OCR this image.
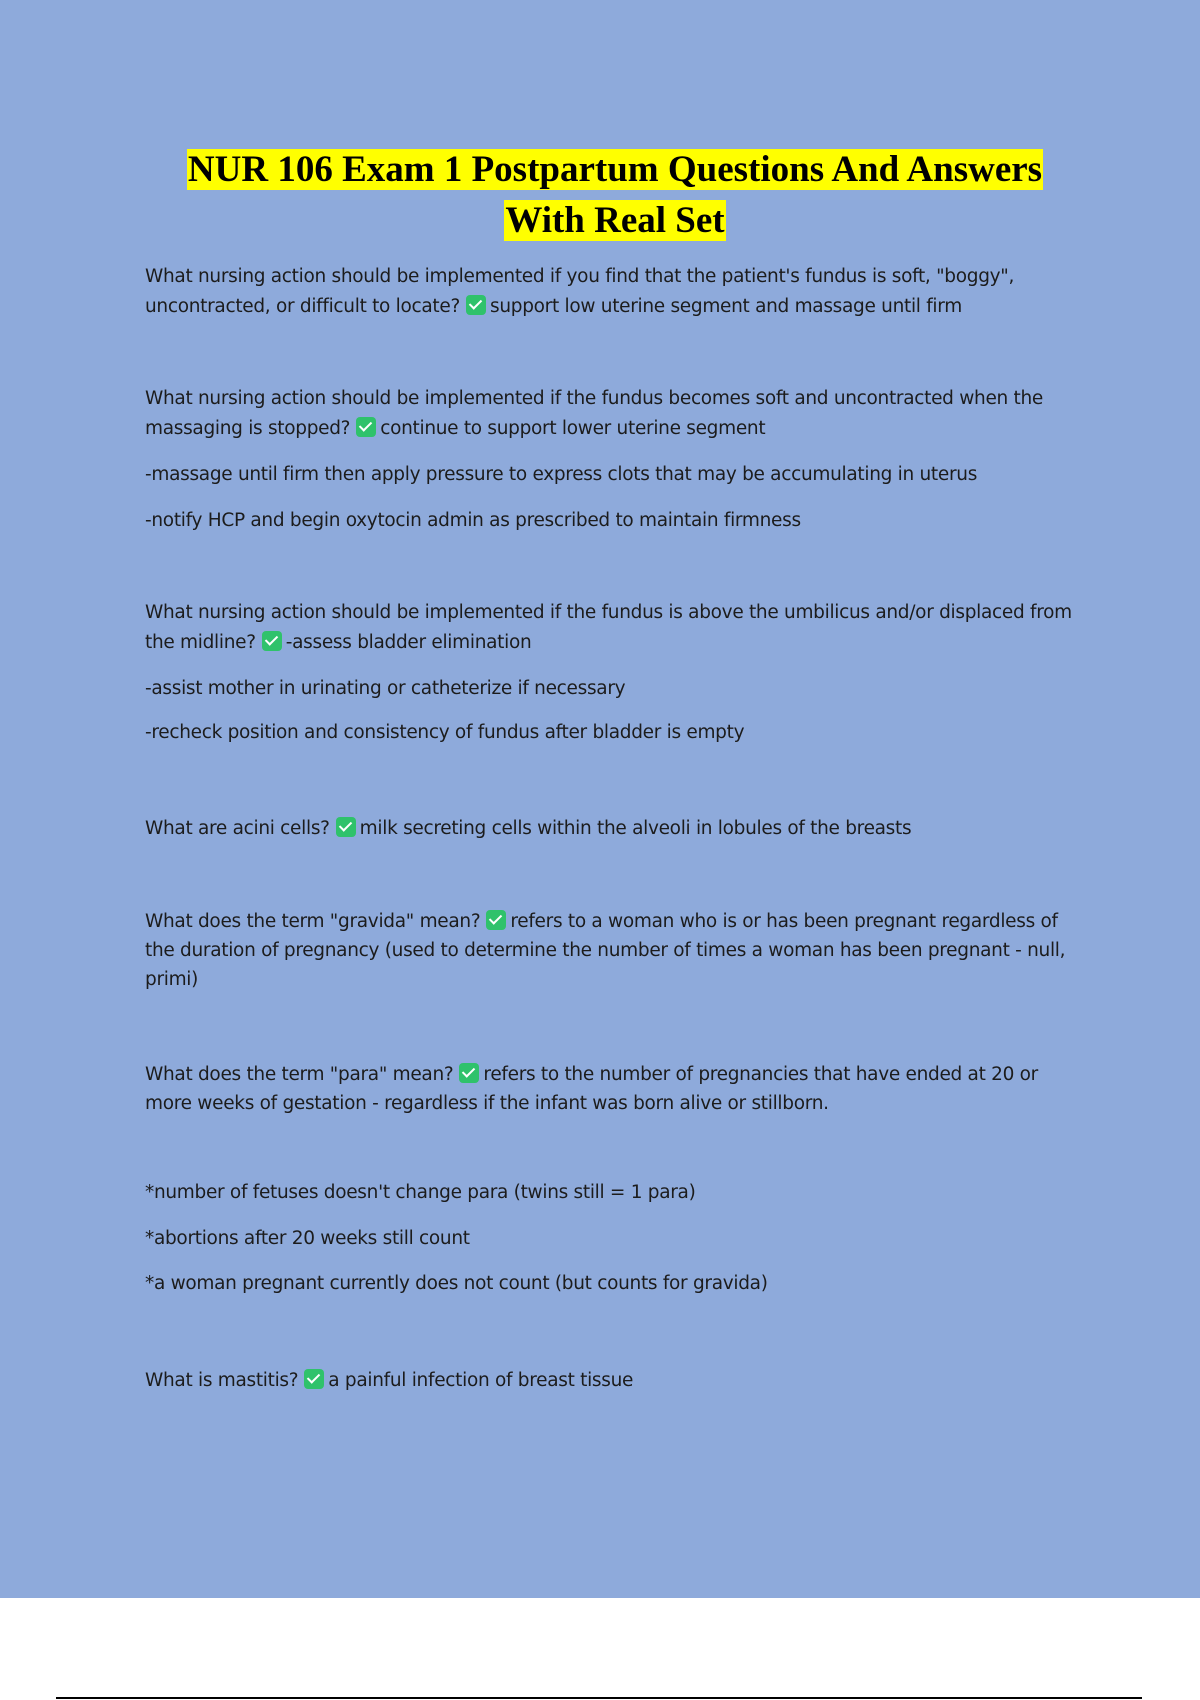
NUR 106 Exam 1 Postpartum Questions And Answers
With Real Set
What nursing action should be implemented if you find that the patient's fundus is soft, "boggy",
uncontracted, or difficult to locate? support low uterine segment and massage until firm
What nursing action should be implemented if the fundus becomes soft and uncontracted when the
massaging is stopped? continue to support lower uterine segment
-massage until firm then apply pressure to express clots that may be accumulating in uterus
-notify HCP and begin oxytocin admin as prescribed to maintain firmness
What nursing action should be implemented if the fundus is above the umbilicus and/or displaced from
the midline? -assess bladder elimination
-assist mother in urinating or catheterize if necessary
-recheck position and consistency of fundus after bladder is empty
What are acini cells? milk secreting cells within the alveoli in lobules of the breasts
What does the term "gravida" mean? refers to a woman who is or has been pregnant regardless of
the duration of pregnancy (used to determine the number of times a woman has been pregnant - null,
primi)
What does the term "para" mean? refers to the number of pregnancies that have ended at 20 or
more weeks of gestation - regardless if the infant was born alive or stillborn.
*number of fetuses doesn't change para (twins still = 1 para)
*abortions after 20 weeks still count
*a woman pregnant currently does not count (but counts for gravida)
What is mastitis? a painful infection of breast tissue
